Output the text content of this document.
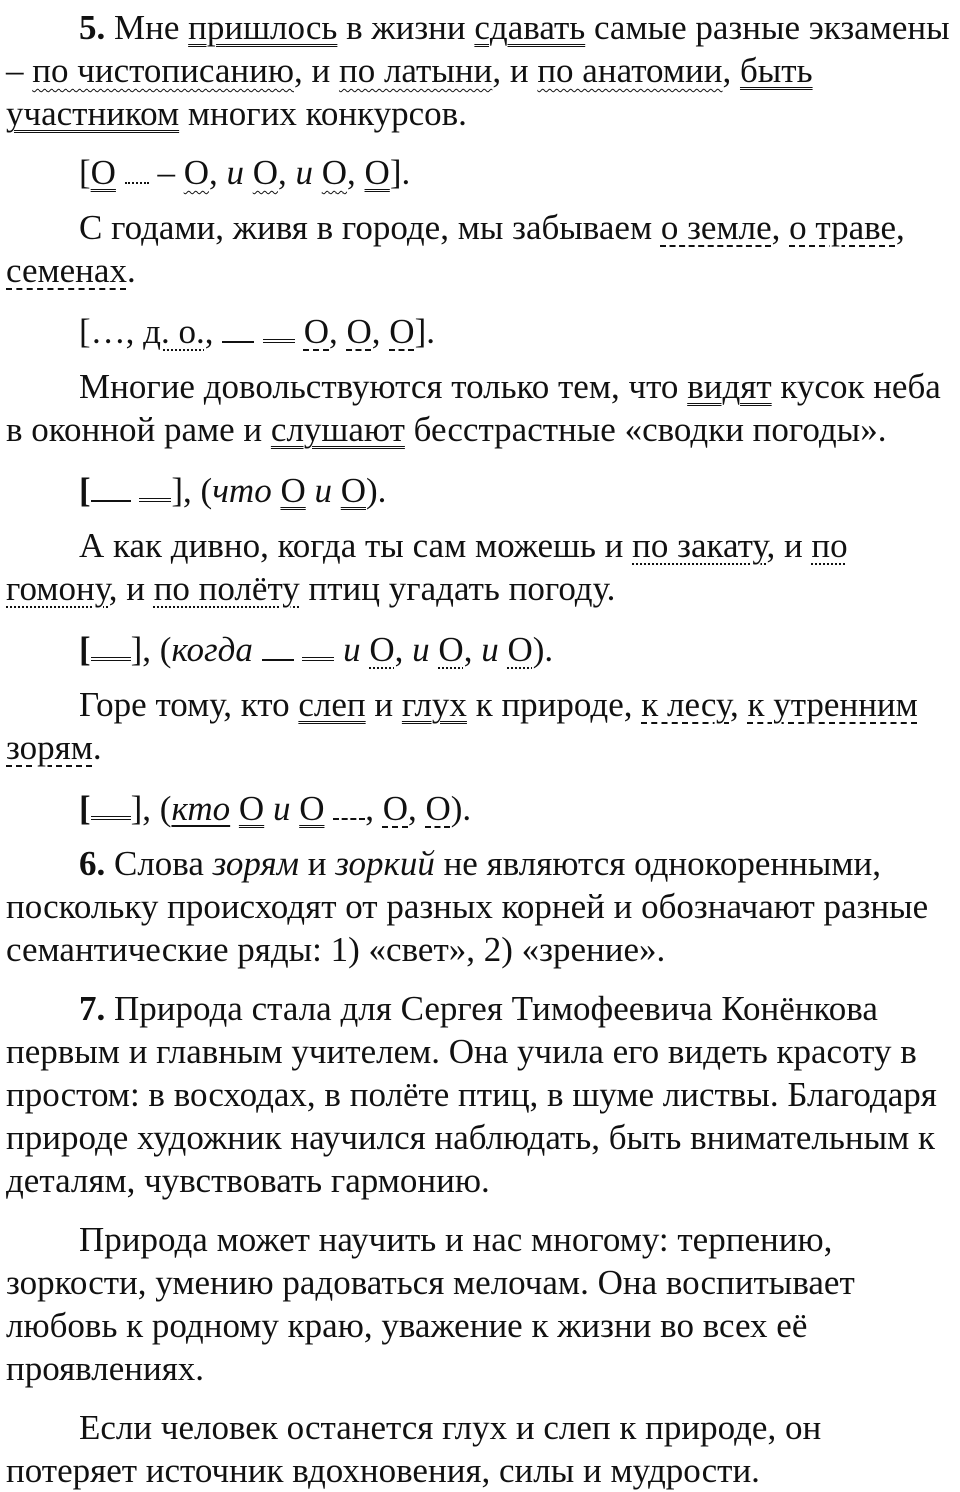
5. Мне пришлось в жизни сдавать самые разные экзамены – по чистописанию, и по латыни, и по анатомии, быть участником многих конкурсов.

[О  – О, и О, и О, О].

С годами, живя в городе, мы забываем о земле, о траве, семенах.

[…, д. о.,   О, О, О].

Многие довольствуются только тем, что видят кусок неба в оконной раме и слушают бесстрастные «сводки погоды».

[ ], (что О и О).

А как дивно, когда ты сам можешь и по закату, и по гомону, и по полёту птиц угадать погоду.

[ ], (когда	и О, и О, и О).

Горе тому, кто слеп и глух к природе, к лесу, к утренним зорям.

[ ], (кто О и О , О, О).

6. Слова зорям и зоркий не являются однокоренными, поскольку происходят от разных корней и обозначают разные семантические ряды: 1) «свет», 2) «зрение».

7. Природа стала для Сергея Тимофеевича Конёнкова первым и главным учителем. Она учила его видеть красоту в простом: в восходах, в полёте птиц, в шуме листвы. Благодаря природе художник научился наблюдать, быть внимательным к деталям, чувствовать гармонию.

Природа может научить и нас многому: терпению, зоркости, умению радоваться мелочам. Она воспитывает любовь к родному краю, уважение к жизни во всех её проявлениях.

Если человек останется глух и слеп к природе, он потеряет источник вдохновения, силы и мудрости.
